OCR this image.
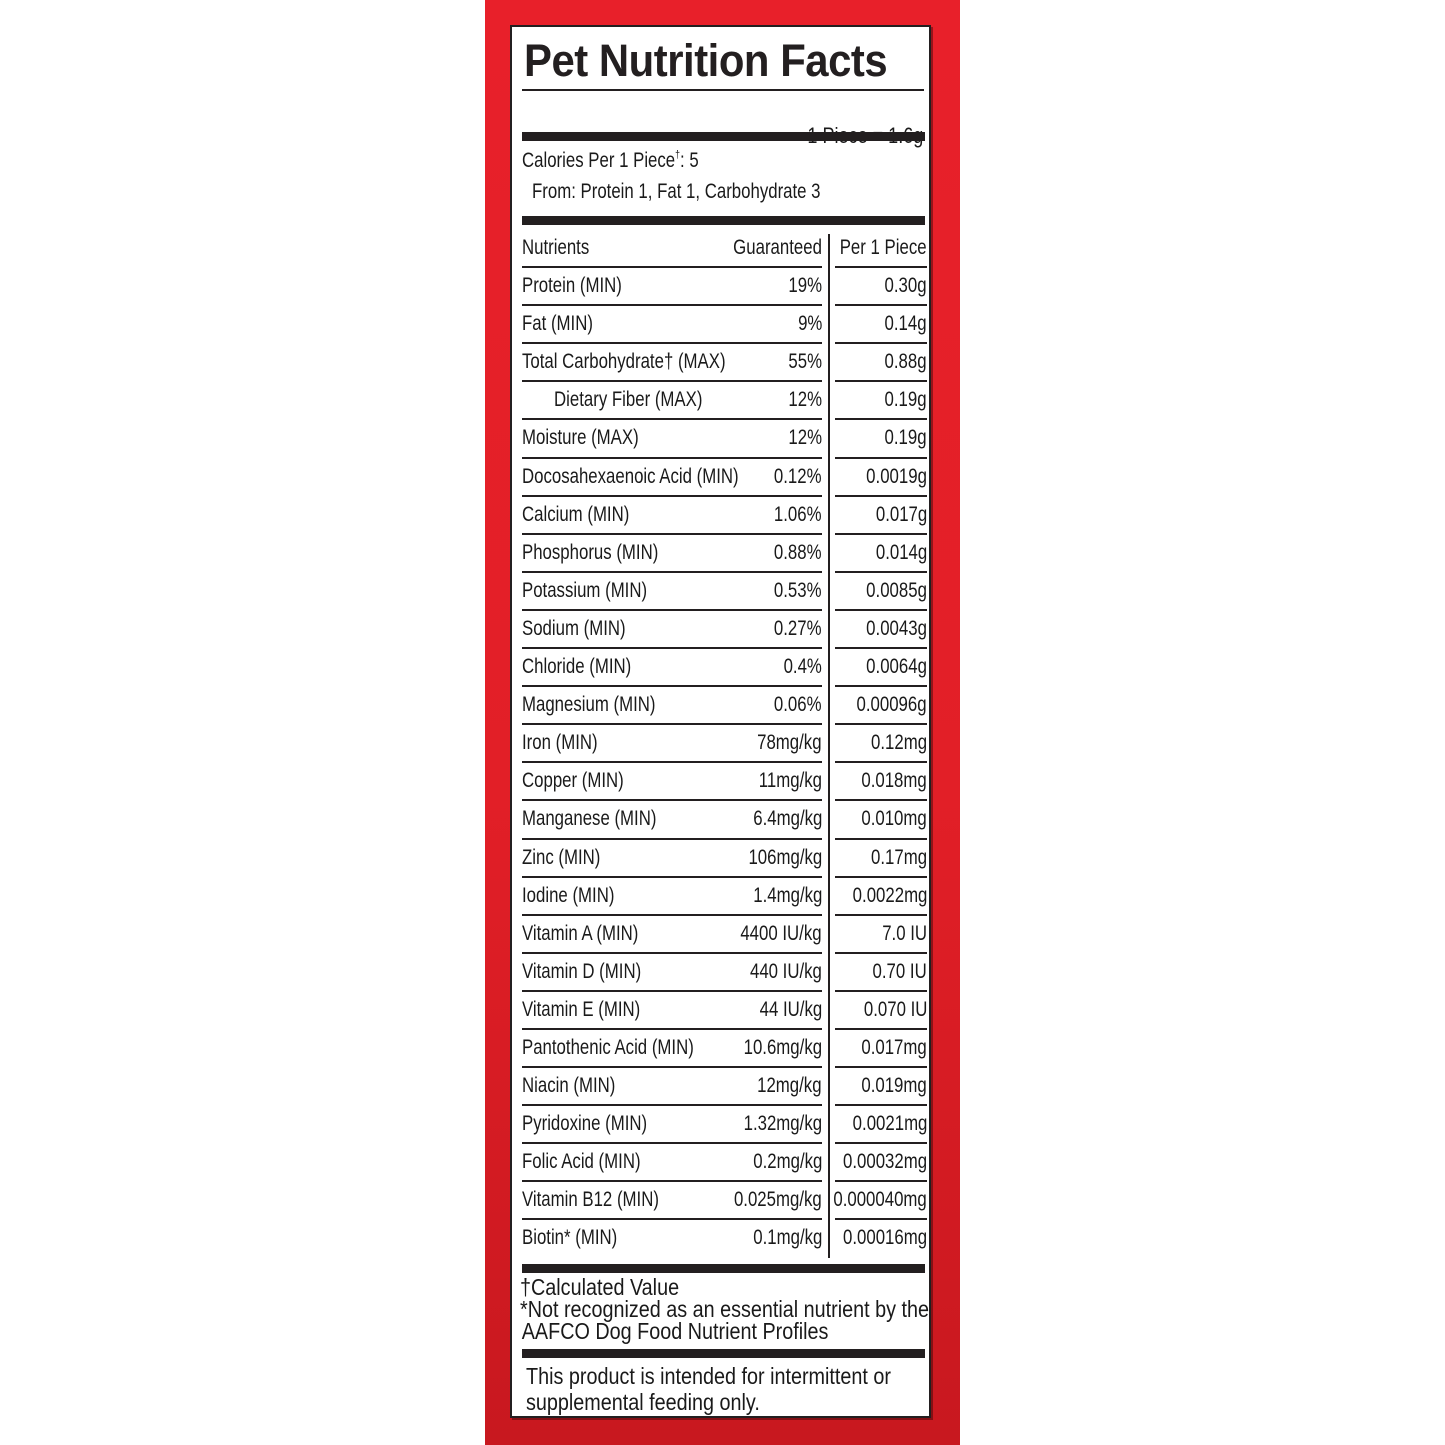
Pet Nutrition Facts
Calories Per 1 Piece†: 5
From: Protein 1, Fat 1, Carbohydrate 3
Nutrients	Guaranteed Per 1 Piece
Protein (MIN)	19%	0.30g
Fat (MIN)	9%	0.14g
Total Carbohydrate† (MAX)	55%	0.88g
Dietary Fiber (MAX)	12%	0.19g
Moisture (MAX)	12%	0.19g
Docosahexaenoic Acid (MIN) 0.12% 0.0019g
Calcium (MIN)	1.06%	0.017g
Phosphorus (MIN)	0.88%	0.014g
Potassium (MIN)	0.53% 0.0085g
Sodium (MIN)	0.27% 0.0043g
Chloride (MIN)	0.4% 0.0064g
Magnesium (MIN)	0.06% 0.00096g
Iron (MIN)	78mg/kg 0.12mg
Copper (MIN)	11mg/kg 0.018mg
Manganese (MIN)	6.4mg/kg 0.010mg
Zinc (MIN)	106mg/kg 0.17mg
Iodine (MIN)	1.4mg/kg 0.0022mg
Vitamin A (MIN)	4400 IU/kg	7.0 IU
Vitamin D (MIN)	440 IU/kg 0.70 IU
Vitamin E (MIN)	44 IU/kg 0.070 IU
Pantothenic Acid (MIN) 10.6mg/kg 0.017mg
Niacin (MIN)	12mg/kg 0.019mg
Pyridoxine (MIN)	1.32mg/kg 0.0021mg
Folic Acid (MIN)	0.2mg/kg 0.00032mg
Vitamin B12 (MIN)	0.025mg/kg 0.000040mg
Biotin* (MIN)	0.1mg/kg 0.00016mg
†Calculated Value
*Not recognized as an essential nutrient by the
AAFCO Dog Food Nutrient Profiles
This product is intended for intermittent or
supplemental feeding only.
